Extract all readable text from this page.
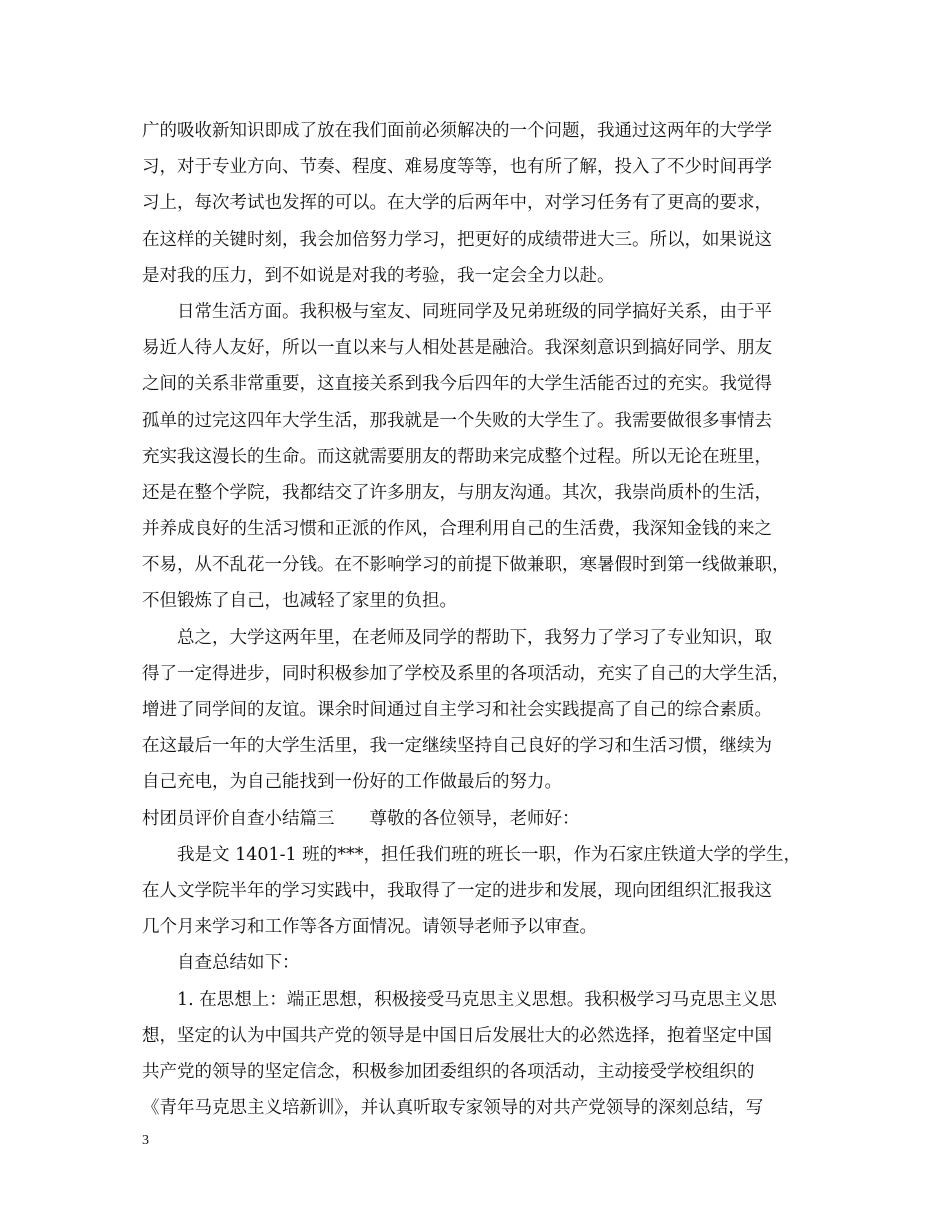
广的吸收新知识即成了放在我们面前必须解决的一个问题，我通过这两年的大学学
习，对于专业方向、节奏、程度、难易度等等，也有所了解，投入了不少时间再学
习上，每次考试也发挥的可以。在大学的后两年中，对学习任务有了更高的要求，
在这样的关键时刻，我会加倍努力学习，把更好的成绩带进大三。所以，如果说这
是对我的压力，到不如说是对我的考验，我一定会全力以赴。
日常生活方面。我积极与室友、同班同学及兄弟班级的同学搞好关系，由于平
易近人待人友好，所以一直以来与人相处甚是融洽。我深刻意识到搞好同学、朋友
之间的关系非常重要，这直接关系到我今后四年的大学生活能否过的充实。我觉得
孤单的过完这四年大学生活，那我就是一个失败的大学生了。我需要做很多事情去
充实我这漫长的生命。而这就需要朋友的帮助来完成整个过程。所以无论在班里，
还是在整个学院，我都结交了许多朋友，与朋友沟通。其次，我崇尚质朴的生活，
并养成良好的生活习惯和正派的作风，合理利用自己的生活费，我深知金钱的来之
不易，从不乱花一分钱。在不影响学习的前提下做兼职，寒暑假时到第一线做兼职，
不但锻炼了自己，也减轻了家里的负担。
总之，大学这两年里，在老师及同学的帮助下，我努力了学习了专业知识，取
得了一定得进步，同时积极参加了学校及系里的各项活动，充实了自己的大学生活，
增进了同学间的友谊。课余时间通过自主学习和社会实践提高了自己的综合素质。
在这最后一年的大学生活里，我一定继续坚持自己良好的学习和生活习惯，继续为
自己充电，为自己能找到一份好的工作做最后的努力。
村团员评价自查小结篇三　　尊敬的各位领导，老师好：
我是文 1401-1 班的***，担任我们班的班长一职，作为石家庄铁道大学的学生，
在人文学院半年的学习实践中，我取得了一定的进步和发展，现向团组织汇报我这
几个月来学习和工作等各方面情况。请领导老师予以审查。
自查总结如下：
1. 在思想上：端正思想，积极接受马克思主义思想。我积极学习马克思主义思
想，坚定的认为中国共产党的领导是中国日后发展壮大的必然选择，抱着坚定中国
共产党的领导的坚定信念，积极参加团委组织的各项活动，主动接受学校组织的
《青年马克思主义培新训》，并认真听取专家领导的对共产党领导的深刻总结，写
3
